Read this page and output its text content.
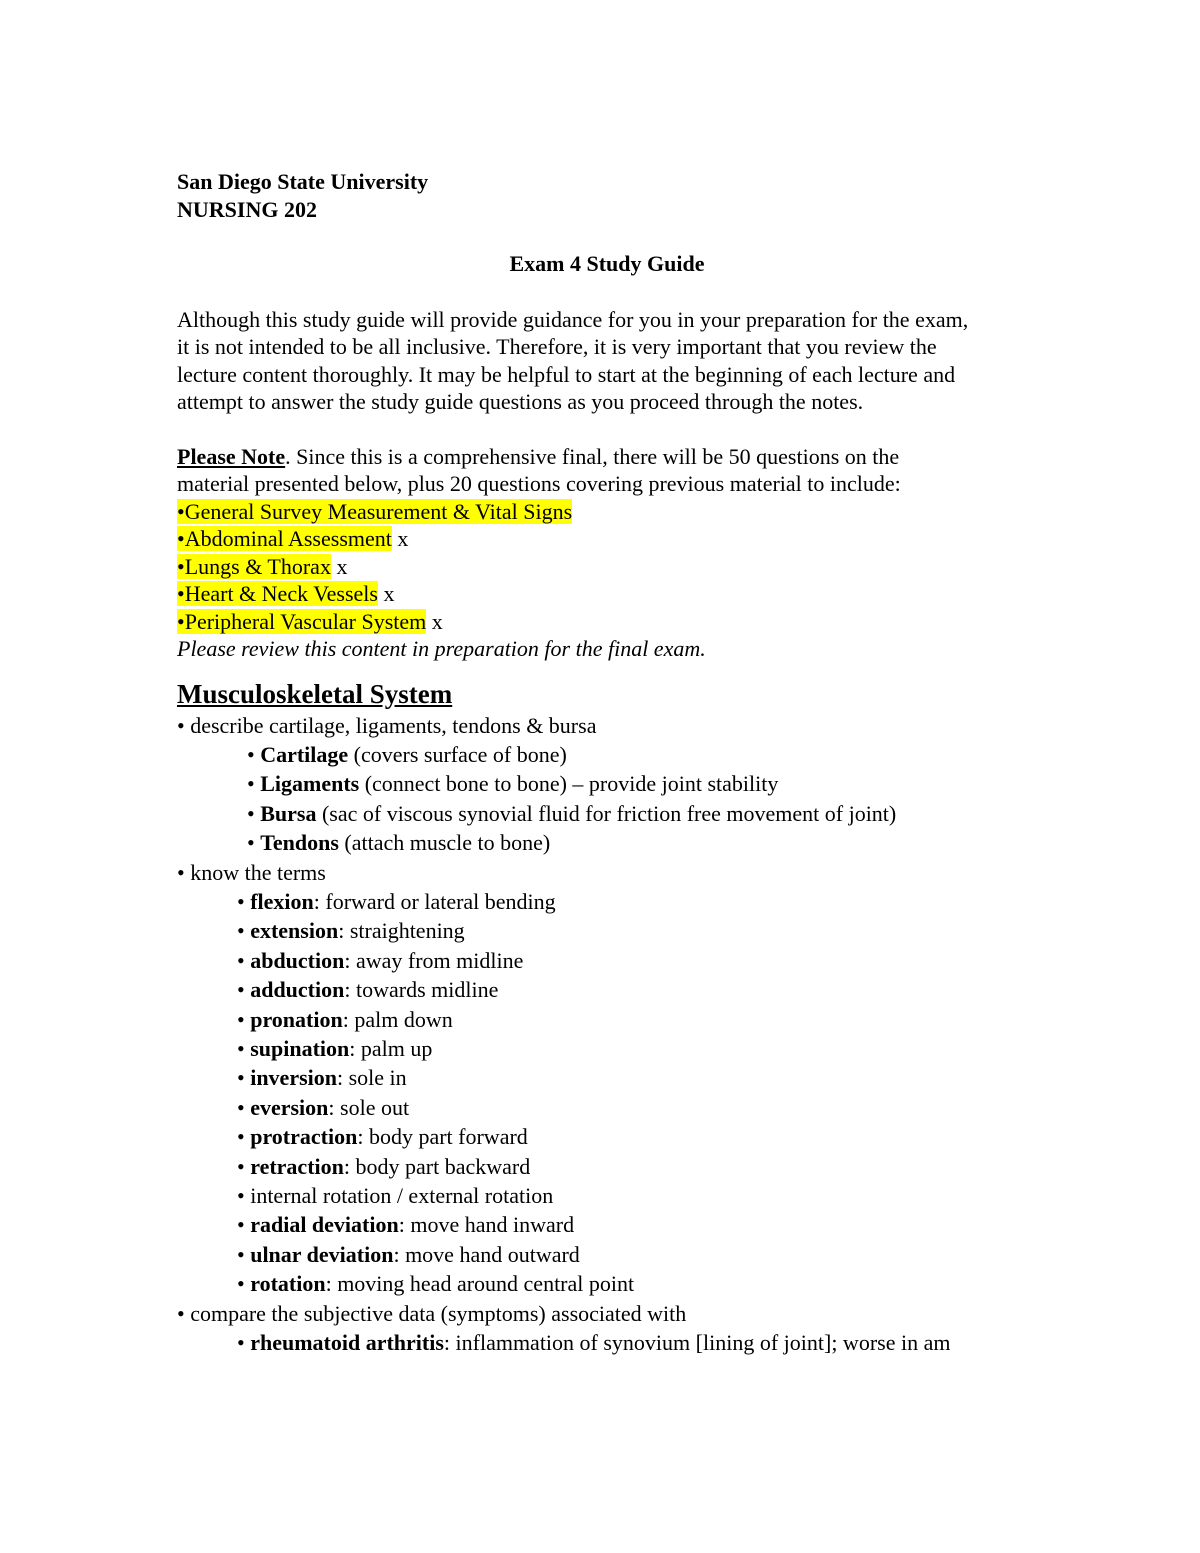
San Diego State University
NURSING 202
Exam 4 Study Guide
Although this study guide will provide guidance for you in your preparation for the exam,
it is not intended to be all inclusive. Therefore, it is very important that you review the
lecture content thoroughly. It may be helpful to start at the beginning of each lecture and
attempt to answer the study guide questions as you proceed through the notes.
Please Note. Since this is a comprehensive final, there will be 50 questions on the
material presented below, plus 20 questions covering previous material to include:
•General Survey Measurement & Vital Signs
•Abdominal Assessment x
•Lungs & Thorax x
•Heart & Neck Vessels x
•Peripheral Vascular System x
Please review this content in preparation for the final exam.
Musculoskeletal System
• describe cartilage, ligaments, tendons & bursa
• Cartilage (covers surface of bone)
• Ligaments (connect bone to bone) – provide joint stability
• Bursa (sac of viscous synovial fluid for friction free movement of joint)
• Tendons (attach muscle to bone)
• know the terms
• flexion: forward or lateral bending
• extension: straightening
• abduction: away from midline
• adduction: towards midline
• pronation: palm down
• supination: palm up
• inversion: sole in
• eversion: sole out
• protraction: body part forward
• retraction: body part backward
• internal rotation / external rotation
• radial deviation: move hand inward
• ulnar deviation: move hand outward
• rotation: moving head around central point
• compare the subjective data (symptoms) associated with
• rheumatoid arthritis: inflammation of synovium [lining of joint]; worse in am
